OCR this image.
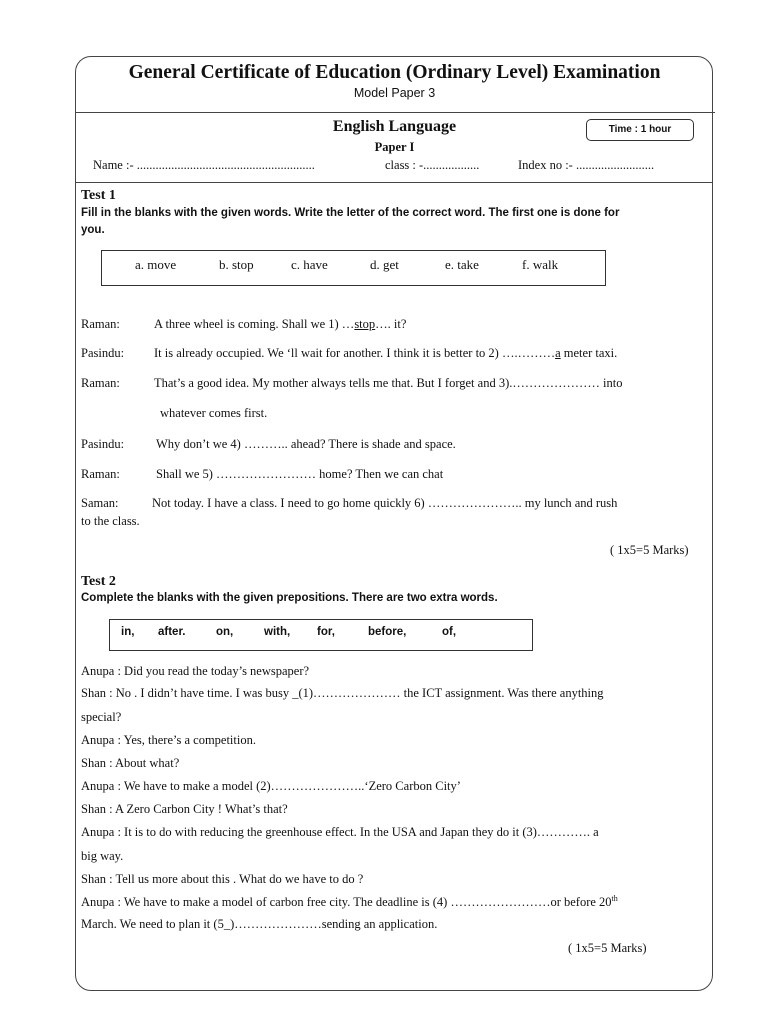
General Certificate of Education (Ordinary Level) Examination
Model Paper 3
English Language
Paper I
Time : 1 hour
Name :- .........................................................	class : -..................	Index no :- .........................
Test 1
Fill in the blanks with the given words. Write the letter of the correct word. The first one is done for
you.
a. move	b. stop	c. have	d. get	e. take	f. walk
Raman:	A three wheel is coming. Shall we 1) …stop…. it?
Pasindu: It is already occupied. We ‘ll wait for another. I think it is better to 2) ….………a meter taxi.
Raman:	That’s a good idea. My mother always tells me that. But I forget and 3).………………… into
whatever comes first.
Pasindu:	Why don’t we 4) ……….. ahead? There is shade and space.
Raman:	Shall we 5) …………………… home? Then we can chat
Saman:	Not today. I have a class. I need to go home quickly 6) ………………….. my lunch and rush
to the class.
( 1x5=5 Marks)
Test 2
Complete the blanks with the given prepositions. There are two extra words.
in, after.	on,	with, for,	before,	of,
Anupa : Did you read the today’s newspaper?
Shan : No . I didn’t have time. I was busy _(1)………………… the ICT assignment. Was there anything
special?
Anupa : Yes, there’s a competition.
Shan : About what?
Anupa : We have to make a model (2)…………………..‘Zero Carbon City’
Shan : A Zero Carbon City ! What’s that?
Anupa : It is to do with reducing the greenhouse effect. In the USA and Japan they do it (3)…………. a
big way.
Shan : Tell us more about this . What do we have to do ?
Anupa : We have to make a model of carbon free city. The deadline is (4) ……………………or before 20th
March. We need to plan it (5_)…………………sending an application.
( 1x5=5 Marks)
